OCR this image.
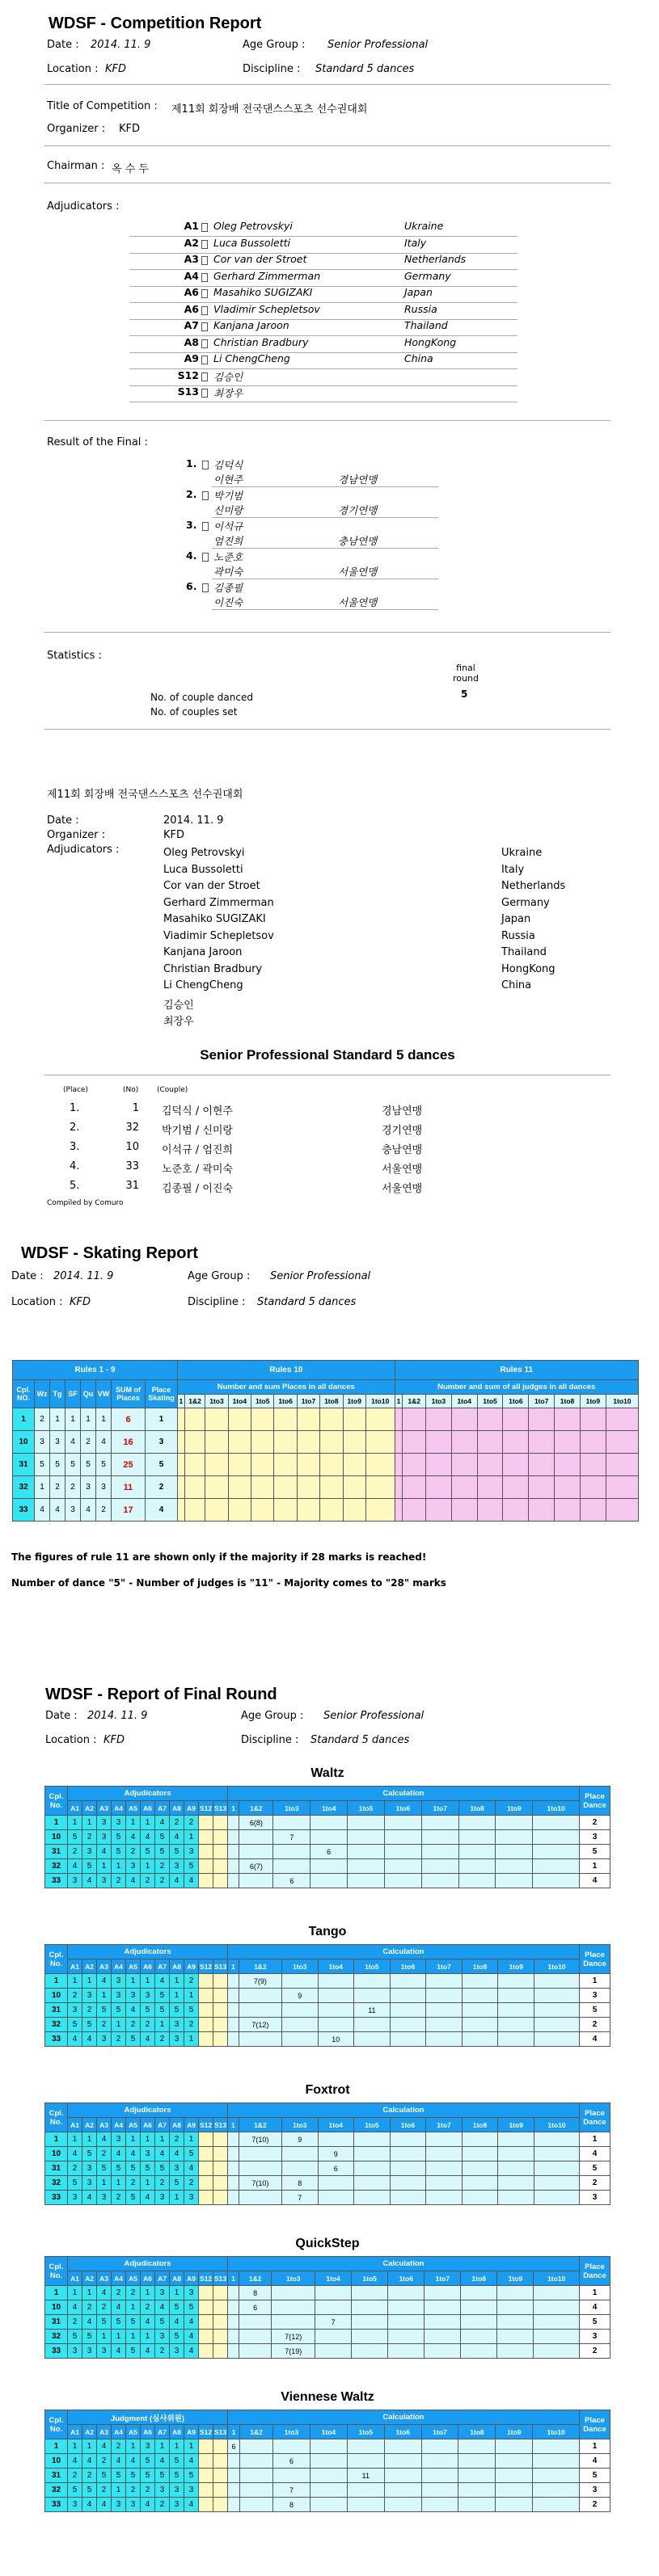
WDSF - Competition Report
Date : 2014. 11. 9	Age Group : Senior Professional
Location : KFD	Discipline : Standard 5 dances
Title of Competition : 제11회 회장배 전국댄스스포츠 선수권대회
Organizer : KFD
Chairman : 옥 수 두
Adjudicators :
A1 Oleg Petrovskyi	Ukraine
A2 Luca Bussoletti	Italy
A3 Cor van der Stroet	Netherlands
A4 Gerhard Zimmerman	Germany
A6 Masahiko SUGIZAKI	Japan
A6 Vladimir Schepletsov	Russia
A7 Kanjana Jaroon	Thailand
A8 Christian Bradbury	HongKong
A9 Li ChengCheng	China
S12 김승인
S13 최장우
Result of the Final :
1. 김덕식
이현주	경남연맹
2. 박기범
신미랑	경기연맹
3. 이석규
엄진희	충남연맹
4. 노준호
곽미숙	서울연맹
6. 김종필
이진숙	서울연맹
Statistics :
final round
5
No. of couple danced
No. of couples set
제11회 회장배 전국댄스스포츠 선수권대회
Date :	2014. 11. 9
Organizer :	KFD
Adjudicators :	Oleg Petrovskyi	Ukraine
Luca Bussoletti	Italy
Cor van der Stroet	Netherlands
Gerhard Zimmerman	Germany
Masahiko SUGIZAKI	Japan
Viadimir Schepletsov	Russia
Kanjana Jaroon	Thailand
Christian Bradbury	HongKong
Li ChengCheng	China
김승인
최장우
Senior Professional Standard 5 dances
(Place)	(No)	(Couple)
1.	1 김덕식 / 이현주	경남연맹
2.	32 박기범 / 신미랑	경기연맹
3.	10 이석규 / 엄진희	충남연맹
4.	33 노준호 / 곽미숙	서울연맹
5.	31 김종필 / 이진숙	서울연맹
Compiled by Comuro
WDSF - Skating Report
Date : 2014. 11. 9	Age Group : Senior Professional
Location : KFD	Discipline : Standard 5 dances
Rules 1 - 9								Rules 10										Rules 11									
Cpl. NO.	Wz	Tg	SF	Qu	VW	SUM of Places	Place Skating	Number and sum Places in all dances										Number and sum of all judges in all dances									
								1	1&2	1to3	1to4	1to5	1to6	1to7	1to8	1to9	1to10	1	1&2	1to3	1to4	1to5	1to6	1to7	1to8	1to9	1to10
1	2	1	1	1	1	6	1																				
10	3	3	4	2	4	16	3																				
31	5	5	5	5	5	25	5																				
32	1	2	2	3	3	11	2																				
33	4	4	3	4	2	17	4																				
The figures of rule 11 are shown only if the majority if 28 marks is reached!
Number of dance "5" - Number of judges is "11" - Majority comes to "28" marks
WDSF - Report of Final Round
Date : 2014. 11. 9	Age Group : Senior Professional
Location : KFD	Discipline : Standard 5 dances
Waltz
Cpl. No.	Adjudicators											Calculation										Place Dance
	A1	A2	A3	A4	A5	A6	A7	A8	A9	S12	S13	1	1&2	1to3	1to4	1to5	1to6	1to7	1to8	1to9	1to10	
1	1	1	3	3	1	1	4	2	2				6(8)									2
10	5	2	3	5	4	4	5	4	1					7								3
31	2	3	4	5	2	5	5	5	3						6							5
32	4	5	1	1	3	1	2	3	5				6(7)									1
33	3	4	3	2	4	2	2	4	4					6								4
Tango
Cpl. No.	Adjudicators											Calculation										Place Dance
	A1	A2	A3	A4	A5	A6	A7	A8	A9	S12	S13	1	1&2	1to3	1to4	1to5	1to6	1to7	1to8	1to9	1to10	
1	1	1	4	3	1	1	4	1	2				7(9)									1
10	2	3	1	3	3	3	5	1	1					9								3
31	3	2	5	5	4	5	5	5	5							11						5
32	5	5	2	1	2	2	1	3	2				7(12)									2
33	4	4	3	2	5	4	2	3	1						10							4
Foxtrot
Cpl. No.	Adjudicators											Calculation										Place Dance
	A1	A2	A3	A4	A5	A6	A7	A8	A9	S12	S13	1	1&2	1to3	1to4	1to5	1to6	1to7	1to8	1to9	1to10	
1	1	1	4	3	1	1	1	2	1				7(10)	9								1
10	4	5	2	4	4	3	4	4	5						9							4
31	2	3	5	5	5	5	5	3	4						6							5
32	5	3	1	1	2	1	2	5	2				7(10)	8								2
33	3	4	3	2	5	4	3	1	3					7								3
QuickStep
Cpl. No.	Adjudicators											Calculation										Place Dance
	A1	A2	A3	A4	A5	A6	A7	A8	A9	S12	S13	1	1&2	1to3	1to4	1to5	1to6	1to7	1to8	1to9	1to10	
1	1	1	4	2	2	1	3	1	3				8									1
10	4	2	2	4	1	2	4	5	5				6									4
31	2	4	5	5	5	4	5	4	4						7							5
32	5	5	1	1	1	1	3	5	4					7(12)								3
33	3	3	3	4	5	4	2	3	4					7(19)								2
Viennese Waltz
Cpl. No.	Judgment (심사위원)											Calculation										Place Dance
	A1	A2	A3	A4	A5	A6	A7	A8	A9	S12	S13	1	1&2	1to3	1to4	1to5	1to6	1to7	1to8	1to9	1to10	
1	1	1	4	2	1	3	1	1	1			6										1
10	4	4	2	4	4	5	4	5	4					6								4
31	2	2	5	5	5	5	5	5	5							11						5
32	5	5	2	1	2	2	3	3	3					7								3
33	3	4	4	3	3	4	2	3	4					8								2
